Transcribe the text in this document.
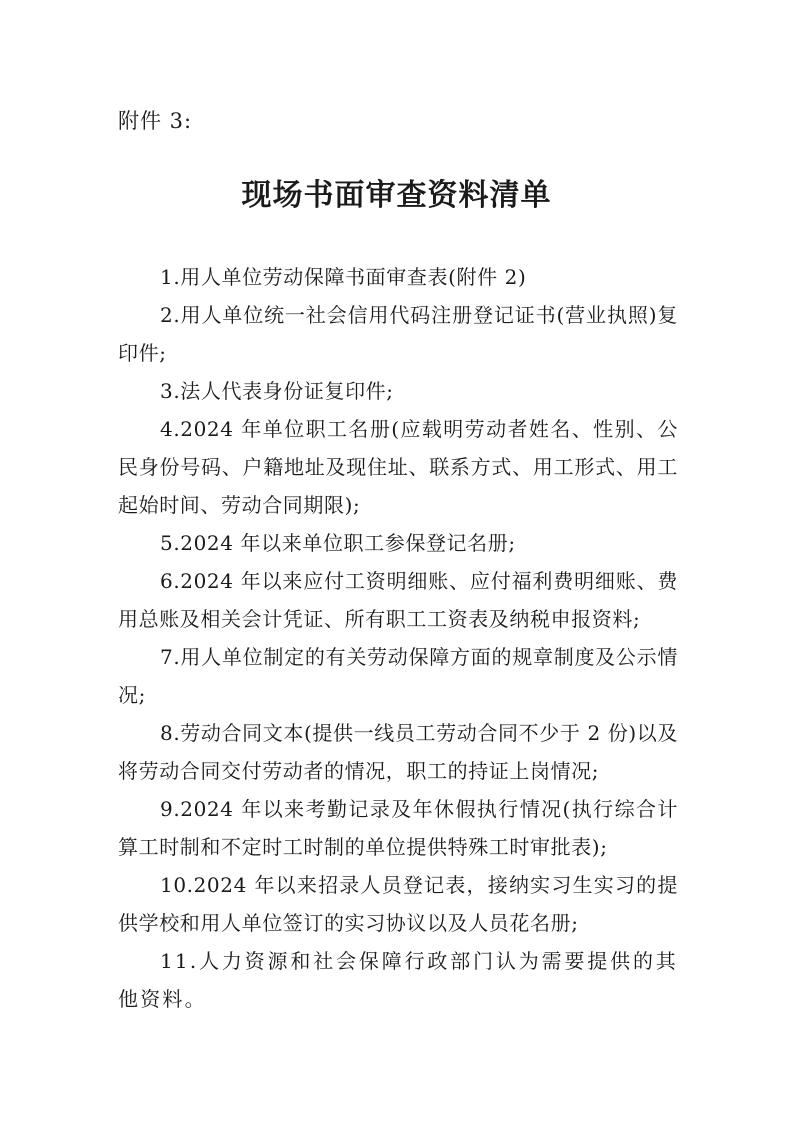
附件 3:
现场书面审查资料清单
1.用人单位劳动保障书面审查表(附件 2)
2.用人单位统一社会信用代码注册登记证书(营业执照)复印件;
3.法人代表身份证复印件;
4.2024 年单位职工名册(应载明劳动者姓名、性别、公民身份号码、户籍地址及现住址、联系方式、用工形式、用工起始时间、劳动合同期限);
5.2024 年以来单位职工参保登记名册;
6.2024 年以来应付工资明细账、应付福利费明细账、费用总账及相关会计凭证、所有职工工资表及纳税申报资料;
7.用人单位制定的有关劳动保障方面的规章制度及公示情况;
8.劳动合同文本(提供一线员工劳动合同不少于 2 份)以及将劳动合同交付劳动者的情况，职工的持证上岗情况;
9.2024 年以来考勤记录及年休假执行情况(执行综合计算工时制和不定时工时制的单位提供特殊工时审批表);
10.2024 年以来招录人员登记表，接纳实习生实习的提供学校和用人单位签订的实习协议以及人员花名册;
11.人力资源和社会保障行政部门认为需要提供的其他资料。
